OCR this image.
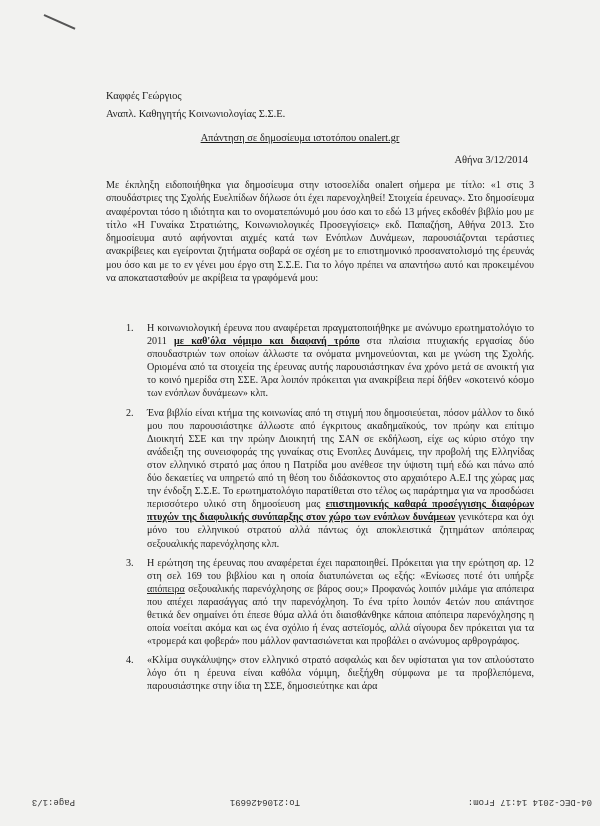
Καφφές Γεώργιος
Αναπλ. Καθηγητής Κοινωνιολογίας Σ.Σ.Ε.
Απάντηση σε δημοσίευμα ιστοτόπου onalert.gr
Αθήνα 3/12/2014

Με έκπληξη ειδοποιήθηκα για δημοσίευμα στην ιστοσελίδα onalert σήμερα με τίτλο: «1 στις 3 σπουδάστριες της Σχολής Ευελπίδων δήλωσε ότι έχει παρενοχληθεί! Στοιχεία έρευνας». Στο δημοσίευμα αναφέρονται τόσο η ιδιότητα και το ονοματεπώνυμό μου όσο και το εδώ 13 μήνες εκδοθέν βιβλίο μου με τίτλο «Η Γυναίκα Στρατιώτης, Κοινωνιολογικές Προσεγγίσεις» εκδ. Παπαζήση, Αθήνα 2013. Στο δημοσίευμα αυτό αφήνονται αιχμές κατά των Ενόπλων Δυνάμεων, παρουσιάζονται τεράστιες ανακρίβειες και εγείρονται ζητήματα σοβαρά σε σχέση με το επιστημονικό προσανατολισμό της έρευνάς μου όσο και με το εν γένει μου έργο στη Σ.Σ.Ε. Για το λόγο πρέπει να απαντήσω αυτό και προκειμένου να αποκατασταθούν με ακρίβεια τα γραφόμενά μου:

1. Η κοινωνιολογική έρευνα που αναφέρεται πραγματοποιήθηκε με ανώνυμο ερωτηματολόγιο το 2011 με καθ'όλα νόμιμο και διαφανή τρόπο στα πλαίσια πτυχιακής εργασίας δύο σπουδαστριών των οποίων άλλωστε τα ονόματα μνημονεύονται, και με γνώση της Σχολής. Οριομένα από τα στοιχεία της έρευνας αυτής παρουσιάστηκαν ένα χρόνο μετά σε ανοικτή για το κοινό ημερίδα στη ΣΣΕ. Άρα λοιπόν πρόκειται για ανακρίβεια περί δήθεν «σκοτεινό κόσμο των ενόπλων δυνάμεων» κλπ.
2. Ένα βιβλίο είναι κτήμα της κοινωνίας από τη στιγμή που δημοσιεύεται, πόσον μάλλον το δικό μου που παρουσιάστηκε άλλωστε από έγκριτους ακαδημαϊκούς, τον πρώην και επίτιμο Διοικητή ΣΣΕ και την πρώην Διοικητή της ΣΑΝ σε εκδήλωση, είχε ως κύριο στόχο την ανάδειξη της συνεισφοράς της γυναίκας στις Ενοπλες Δυνάμεις, την προβολή της Ελληνίδας στον ελληνικό στρατό μας όπου η Πατρίδα μου ανέθεσε την ύψιστη τιμή εδώ και πάνω από δύο δεκαετίες να υπηρετώ από τη θέση του διδάσκοντος στο αρχαιότερο Α.Ε.Ι της χώρας μας την ένδοξη Σ.Σ.Ε. Το ερωτηματολόγιο παρατίθεται στο τέλος ως παράρτημα για να προσδώσει περισσότερο υλικό στη δημοσίευση μας επιστημονικής καθαρά προσέγγισης διαφόρων πτυχών της διαφυλικής συνύπαρξης στον χώρο των ενόπλων δυνάμεων γενικότερα και όχι μόνο του ελληνικού στρατού αλλά πάντως όχι αποκλειστικά ζητημάτων απόπειρας σεξουαλικής παρενόχλησης κλπ.
3. Η ερώτηση της έρευνας που αναφέρεται έχει παραποιηθεί. Πρόκειται για την ερώτηση αρ. 12 στη σελ 169 του βιβλίου και η οποία διατυπώνεται ως εξής: «Ενίωσες ποτέ ότι υπήρξε απόπειρα σεξουαλικής παρενόχλησης σε βάρος σου;» Προφανώς λοιπόν μιλάμε για απόπειρα που απέχει παρασάγγας από την παρενόχληση. Το ένα τρίτο λοιπόν 4ετών που απάντησε θετικά δεν σημαίνει ότι έπεσε θύμα αλλά ότι διαισθάνθηκε κάποια απόπειρα παρενόχλησης η οποία νοείται ακόμα και ως ένα σχόλιο ή ένας αστεϊσμός, αλλά σίγουρα δεν πρόκειται για τα «τρομερά και φοβερά» που μάλλον φαντασιώνεται και προβάλει ο ανώνυμος αρθρογράφος.
4. «Κλίμα συγκάλυψης» στον ελληνικό στρατό ασφαλώς και δεν υφίσταται για τον απλούστατο λόγο ότι η έρευνα είναι καθόλα νόμιμη, διεξήχθη σύμφωνα με τα προβλεπόμενα, παρουσιάστηκε στην ίδια τη ΣΣΕ, δημοσιεύτηκε και άρα
04-DEC-2014 14:17 From:
To:2106426691
Page:1/3
